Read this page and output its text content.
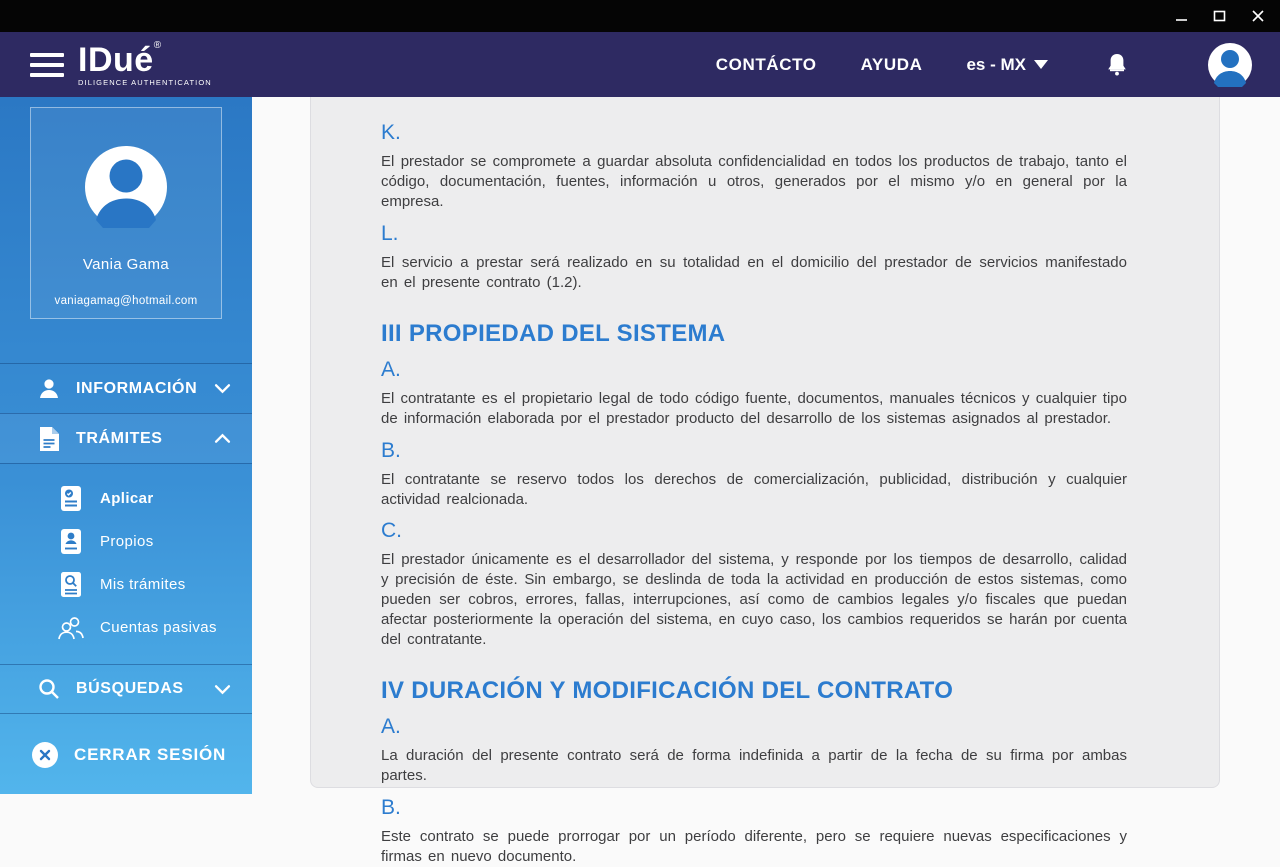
IDué ®
DILIGENCE AUTHENTICATION
CONTÁCTO	AYUDA	es - MX
Vania Gama
vaniagamag@hotmail.com
INFORMACIÓN
TRÁMITES
Aplicar
Propios
Mis trámites
Cuentas pasivas
BÚSQUEDAS
CERRAR SESIÓN
K.

El prestador se compromete a guardar absoluta confidencialidad en todos los productos de trabajo, tanto el código, documentación, fuentes, información u otros, generados por el mismo y/o en general por la empresa.

L.

El servicio a prestar será realizado en su totalidad en el domicilio del prestador de servicios manifestado en el presente contrato (1.2).

III PROPIEDAD DEL SISTEMA
A.

El contratante es el propietario legal de todo código fuente, documentos, manuales técnicos y cualquier tipo de información elaborada por el prestador producto del desarrollo de los sistemas asignados al prestador.

B.

El contratante se reservo todos los derechos de comercialización, publicidad, distribución y cualquier actividad realcionada.

C.

El prestador únicamente es el desarrollador del sistema, y responde por los tiempos de desarrollo, calidad y precisión de éste. Sin embargo, se deslinda de toda la actividad en producción de estos sistemas, como pueden ser cobros, errores, fallas, interrupciones, así como de cambios legales y/o fiscales que puedan afectar posteriormente la operación del sistema, en cuyo caso, los cambios requeridos se harán por cuenta del contratante.

IV DURACIÓN Y MODIFICACIÓN DEL CONTRATO
A.

La duración del presente contrato será de forma indefinida a partir de la fecha de su firma por ambas partes.

B.

Este contrato se puede prorrogar por un período diferente, pero se requiere nuevas especificaciones y firmas en nuevo documento.
